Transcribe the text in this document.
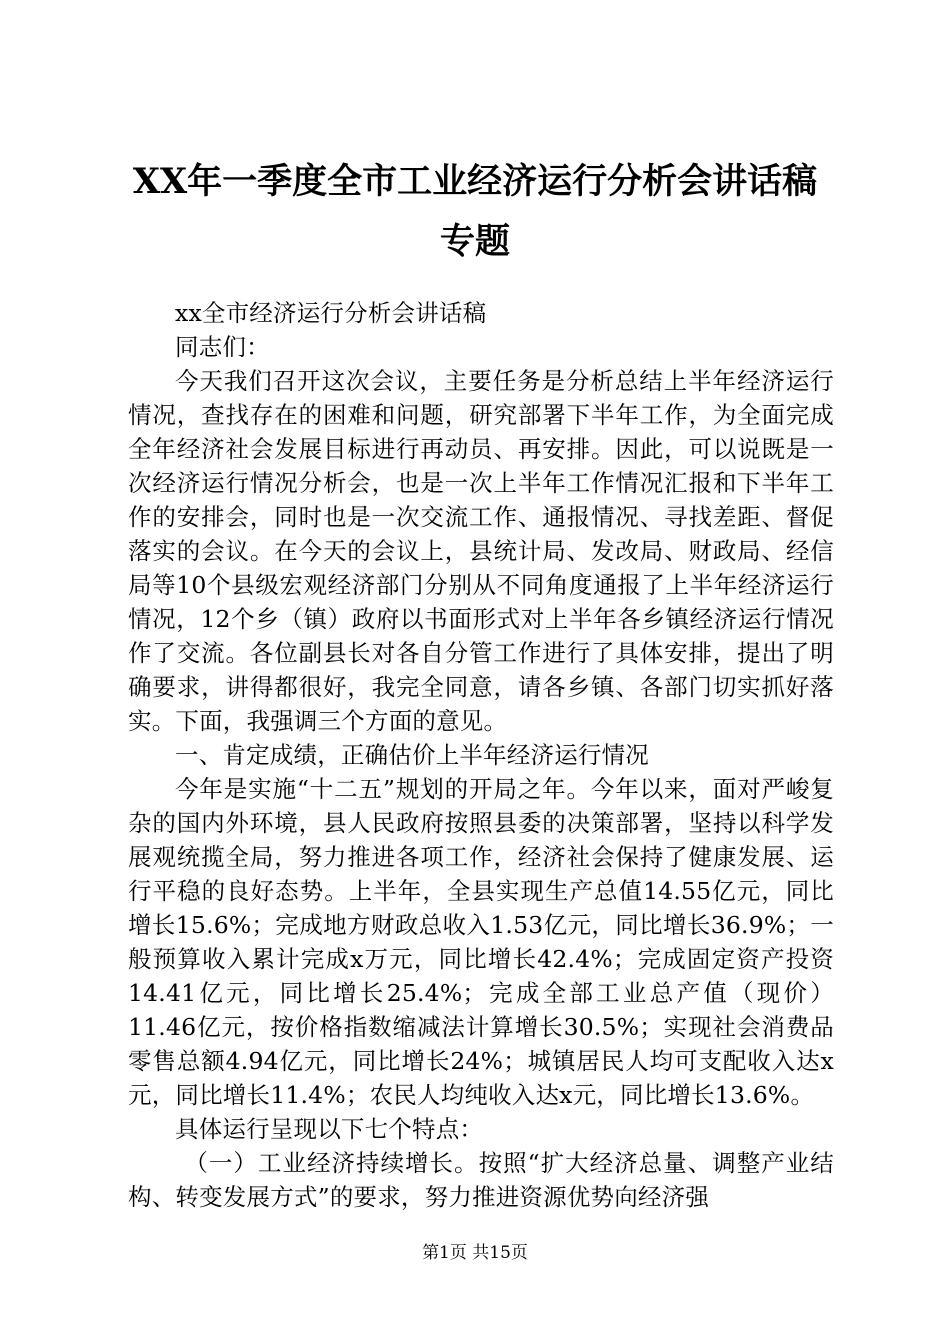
XX年一季度全市工业经济运行分析会讲话稿
专题

xx全市经济运行分析会讲话稿

同志们：

今天我们召开这次会议，主要任务是分析总结上半年经济运行情况，查找存在的困难和问题，研究部署下半年工作，为全面完成全年经济社会发展目标进行再动员、再安排。因此，可以说既是一次经济运行情况分析会，也是一次上半年工作情况汇报和下半年工作的安排会，同时也是一次交流工作、通报情况、寻找差距、督促落实的会议。在今天的会议上，县统计局、发改局、财政局、经信局等10个县级宏观经济部门分别从不同角度通报了上半年经济运行情况，12个乡（镇）政府以书面形式对上半年各乡镇经济运行情况作了交流。各位副县长对各自分管工作进行了具体安排，提出了明确要求，讲得都很好，我完全同意，请各乡镇、各部门切实抓好落实。下面，我强调三个方面的意见。

一、肯定成绩，正确估价上半年经济运行情况

今年是实施“十二五”规划的开局之年。今年以来，面对严峻复杂的国内外环境，县人民政府按照县委的决策部署，坚持以科学发展观统揽全局，努力推进各项工作，经济社会保持了健康发展、运行平稳的良好态势。上半年，全县实现生产总值14.55亿元，同比增长15.6%；完成地方财政总收入1.53亿元，同比增长36.9%；一般预算收入累计完成x万元，同比增长42.4%；完成固定资产投资14.41亿元，同比增长25.4%；完成全部工业总产值（现价）11.46亿元，按价格指数缩减法计算增长30.5%；实现社会消费品零售总额4.94亿元，同比增长24%；城镇居民人均可支配收入达x元，同比增长11.4%；农民人均纯收入达x元，同比增长13.6%。

具体运行呈现以下七个特点：

（一）工业经济持续增长。按照“扩大经济总量、调整产业结构、转变发展方式”的要求，努力推进资源优势向经济强

第1页 共15页
